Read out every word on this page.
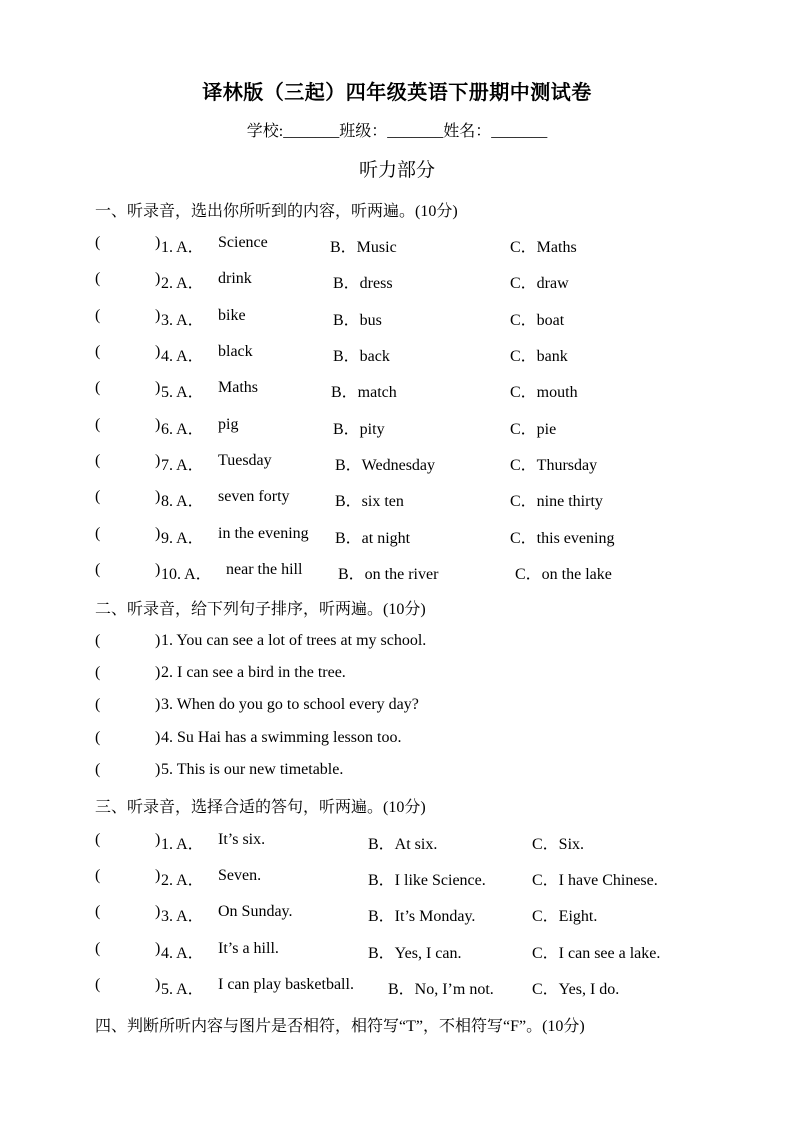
译林版（三起）四年级英语下册期中测试卷
学校:_______班级：_______姓名：_______
听力部分
一、听录音，选出你所听到的内容，听两遍。(10分)
(	) 1. A． Science	B．Music	C．Maths
(	) 2. A． drink	B．dress	C．draw
(	) 3. A． bike	B．bus	C．boat
(	) 4. A． black	B．back	C．bank
(	) 5. A． Maths	B．match	C．mouth
(	) 6. A． pig	B．pity	C．pie
(	) 7. A． Tuesday	B．Wednesday	C．Thursday
(	) 8. A． seven forty	B．six ten	C．nine thirty
(	) 9. A． in the evening B．at night	C．this evening
(	) 10. A． near the hill B．on the river	C．on the lake
二、听录音，给下列句子排序，听两遍。(10分)
(	) 1. You can see a lot of trees at my school.
(	) 2. I can see a bird in the tree.
(	) 3. When do you go to school every day?
(	) 4. Su Hai has a swimming lesson too.
(	) 5. This is our new timetable.
三、听录音，选择合适的答句，听两遍。(10分)
(	) 1. A． It’s six.	B．At six.	C．Six.
(	) 2. A． Seven.	B．I like Science.	C．I have Chinese.
(	) 3. A． On Sunday.	B．It’s Monday.	C．Eight.
(	) 4. A． It’s a hill.	B．Yes, I can.	C．I can see a lake.
(	) 5. A． I can play basketball. B．No, I’m not. C．Yes, I do.
四、判断所听内容与图片是否相符，相符写“T”，不相符写“F”。(10分)
